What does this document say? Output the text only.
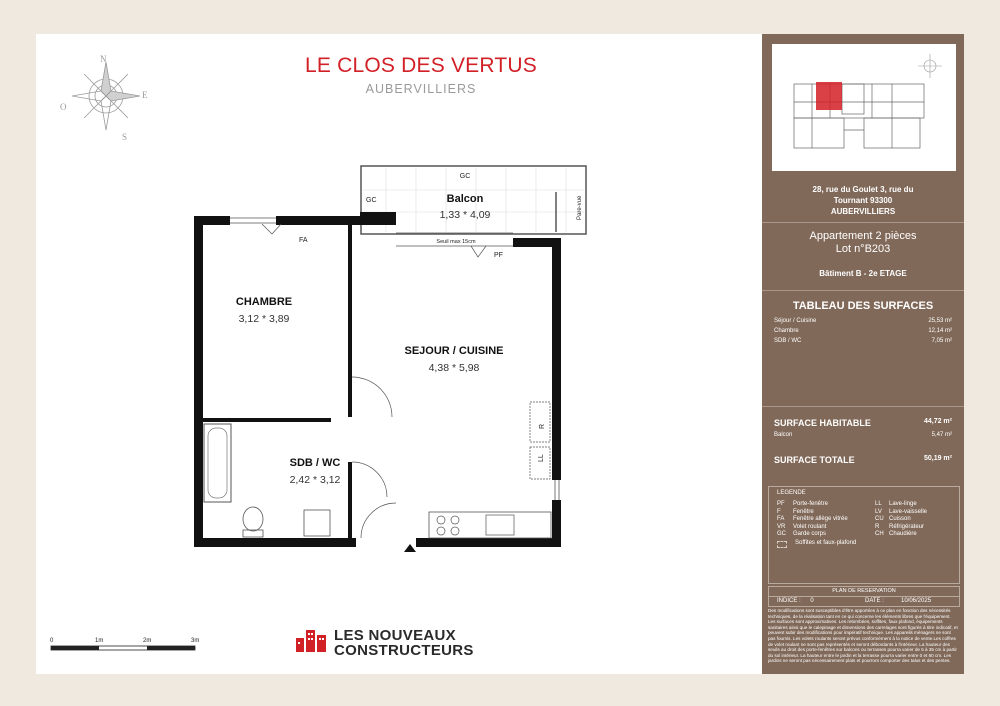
LE CLOS DES VERTUS
AUBERVILLIERS
N
E
S
O
GC
GC	Pare-vue
FA
PF
Seuil max 15cm
R
LL
Balcon
1,33 * 4,09
CHAMBRE
3,12 * 3,89
SEJOUR / CUISINE
4,38 * 5,98
SDB / WC
2,42 * 3,12
0	1m	2m	3m	LES NOUVEAUX
CONSTRUCTEURS
28, rue du Goulet 3, rue du
Tournant 93300
AUBERVILLIERS
Appartement 2 pièces
Lot n°B203
Bâtiment B - 2e ETAGE
TABLEAU DES SURFACES
Séjour / Cuisine	25,53 m²
Chambre	12,14 m²
SDB / WC	7,05 m²
SURFACE HABITABLE	44,72 m²
Balcon	5,47 m²
SURFACE TOTALE	50,19 m²
LEGENDE
PF Porte-fenêtre
F Fenêtre
FA Fenêtre allège vitrée
VR Volet roulant
GC Garde corps
LL Lave-linge
LV Lave-vaisselle
CU Cuisson
R Réfrigérateur
CH Chaudière
Soffites et faux-plafond
PLAN DE RESERVATION
INDICE : 0	DATE :	10/06/2025
Des modifications sont susceptibles d'être apportées à ce plan en fonction des nécessités techniques, de la réalisation tant en ce qui concerne les éléments libres que l'équipement. Les surfaces sont approximatives. Les retombées, soffites, faux plafond, équipements sanitaires ainsi que le calepinage et dimensions des carrelages sont figurés à titre indicatif, et peuvent subir des modifications pour impératif technique. Les appareils ménagers ne sont pas fournis. Les volets roulants seront prévus conformément à la notice de vente.Les coffres de volet roulant ne sont pas représentés et seront débordants à l'intérieur. La hauteur des seuils au droit des porte-fenêtres sur balcons ou terrasses pourra varier de 5 à 35 cm à partir du sol intérieur. La hauteur entre le jardin et la terrasse pourra varier entre 0 et 60 cm. Les jardins ne seront pas nécessairement plats et pourront comporter des talus et des pentes.
